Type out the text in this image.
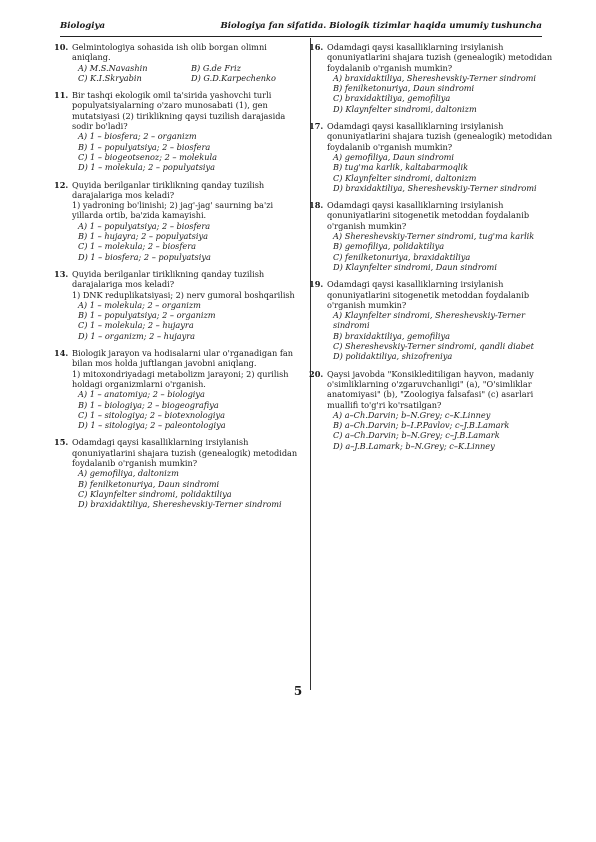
Biologiya	Biologiya fan sifatida. Biologik tizimlar haqida umumiy tushuncha
10. Gelmintologiya sohasida ish olib borgan olimni aniqlang.
A) M.S.Navashin	B) G.de Friz
C) K.I.Skryabin	D) G.D.Karpechenko
11. Bir tashqi ekologik omil ta'sirida yashovchi turli populyatsiyalarning o'zaro munosabati (1), gen mutatsiyasi (2) tiriklikning qaysi tuzilish darajasida sodir bo'ladi?
A) 1 – biosfera; 2 – organizm
B) 1 – populyatsiya; 2 – biosfera
C) 1 – biogeotsenoz; 2 – molekula
D) 1 – molekula; 2 – populyatsiya
12. Quyida berilganlar tiriklikning qanday tuzilish darajalariga mos keladi?
1) yadroning bo'linishi; 2) jag'-jag' saurning ba'zi yillarda ortib, ba'zida kamayishi.
A) 1 – populyatsiya; 2 – biosfera
B) 1 – hujayra; 2 – populyatsiya
C) 1 – molekula; 2 – biosfera
D) 1 – biosfera; 2 – populyatsiya
13. Quyida berilganlar tiriklikning qanday tuzilish darajalariga mos keladi?
1) DNK reduplikatsiyasi; 2) nerv gumoral boshqarilish
A) 1 – molekula; 2 – organizm
B) 1 – populyatsiya; 2 – organizm
C) 1 – molekula; 2 – hujayra
D) 1 – organizm; 2 – hujayra
14. Biologik jarayon va hodisalarni ular o'rganadigan fan bilan mos holda juftlangan javobni aniqlang.
1) mitoxondriyadagi metabolizm jarayoni; 2) qurilish holdagi organizmlarni o'rganish.
A) 1 – anatomiya; 2 – biologiya
B) 1 – biologiya; 2 – biogeografiya
C) 1 – sitologiya; 2 – biotexnologiya
D) 1 – sitologiya; 2 – paleontologiya
15. Odamdagi qaysi kasalliklarning irsiylanish qonuniyatlarini shajara tuzish (genealogik) metodidan foydalanib o'rganish mumkin?
A) gemofiliya, daltonizm
B) fenilketonuriya, Daun sindromi
C) Klaynfelter sindromi, polidaktiliya
D) braxidaktiliya, Shereshevskiy-Terner sindromi
16. Odamdagi qaysi kasalliklarning irsiylanish qonuniyatlarini shajara tuzish (genealogik) metodidan foydalanib o'rganish mumkin?
A) braxidaktiliya, Shereshevskiy-Terner sindromi
B) fenilketonuriya, Daun sindromi
C) braxidaktiliya, gemofiliya
D) Klaynfelter sindromi, daltonizm
17. Odamdagi qaysi kasalliklarning irsiylanish qonuniyatlarini shajara tuzish (genealogik) metodidan foydalanib o'rganish mumkin?
A) gemofiliya, Daun sindromi
B) tug'ma karlik, kaltabarmoqlik
C) Klaynfelter sindromi, daltonizm
D) braxidaktiliya, Shereshevskiy-Terner sindromi
18. Odamdagi qaysi kasalliklarning irsiylanish qonuniyatlarini sitogenetik metoddan foydalanib o'rganish mumkin?
A) Shereshevskiy-Terner sindromi, tug'ma karlik
B) gemofiliya, polidaktiliya
C) fenilketonuriya, braxidaktiliya
D) Klaynfelter sindromi, Daun sindromi
19. Odamdagi qaysi kasalliklarning irsiylanish qonuniyatlarini sitogenetik metoddan foydalanib o'rganish mumkin?
A) Klaynfelter sindromi, Shereshevskiy-Terner sindromi
B) braxidaktiliya, gemofiliya
C) Shereshevskiy-Terner sindromi, qandli diabet
D) polidaktiliya, shizofreniya
20. Qaysi javobda "Konsikleditiligan hayvon, madaniy o'simliklarning o'zgaruvchanligi" (a), "O'simliklar anatomiyasi" (b), "Zoologiya falsafasi" (c) asarlari muallifi to'g'ri ko'rsatilgan?
A) a–Ch.Darvin; b–N.Grey; c–K.Linney
B) a–Ch.Darvin; b–I.P.Pavlov; c–J.B.Lamark
C) a–Ch.Darvin; b–N.Grey; c–J.B.Lamark
D) a–J.B.Lamark; b–N.Grey; c–K.Linney
5
